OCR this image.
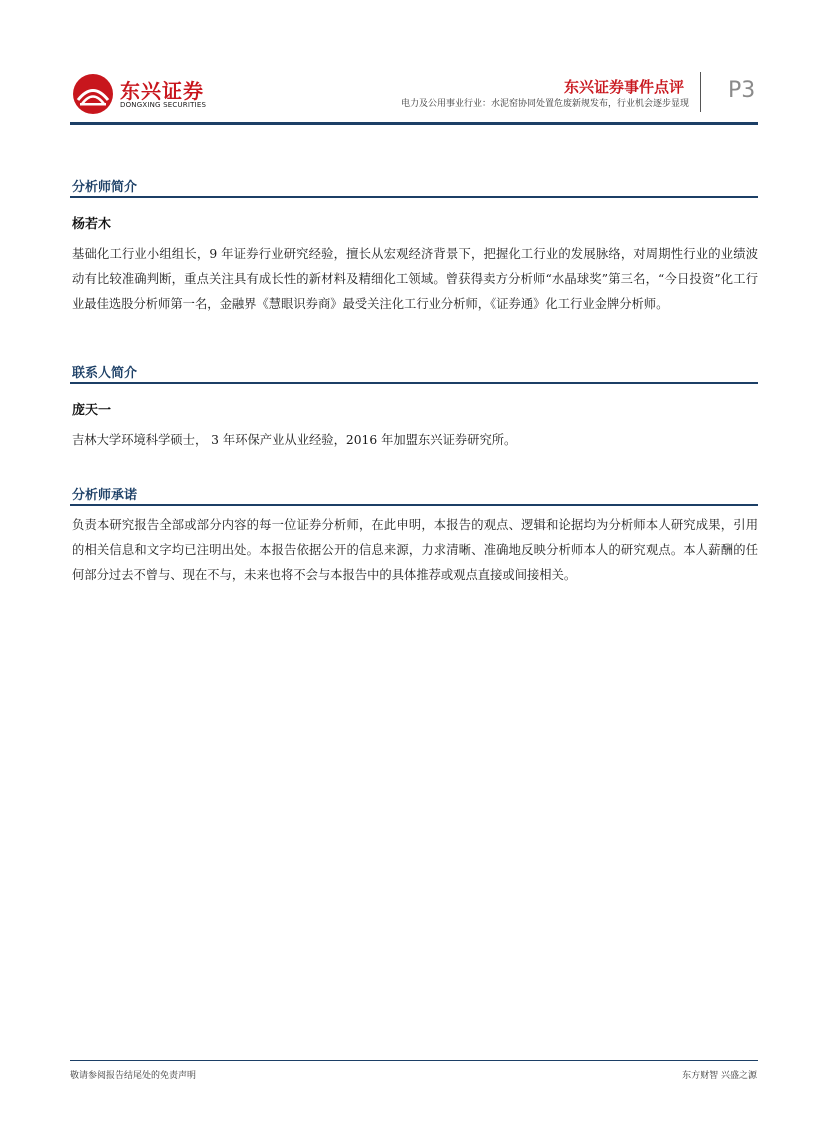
东兴证券
DONGXING SECURITIES
东兴证券事件点评
电力及公用事业行业：水泥窑协同处置危废新规发布，行业机会逐步显现
P3
分析师简介
杨若木
基础化工行业小组组长，9 年证券行业研究经验，擅长从宏观经济背景下，把握化工行业的发展脉络，对周期性行业的业绩波动有比较准确判断，重点关注具有成长性的新材料及精细化工领域。曾获得卖方分析师“水晶球奖”第三名，“今日投资”化工行业最佳选股分析师第一名，金融界《慧眼识券商》最受关注化工行业分析师，《证券通》化工行业金牌分析师。
联系人简介
庞天一
吉林大学环境科学硕士， 3 年环保产业从业经验，2016 年加盟东兴证券研究所。
分析师承诺
负责本研究报告全部或部分内容的每一位证券分析师，在此申明，本报告的观点、逻辑和论据均为分析师本人研究成果，引用的相关信息和文字均已注明出处。本报告依据公开的信息来源，力求清晰、准确地反映分析师本人的研究观点。本人薪酬的任何部分过去不曾与、现在不与，未来也将不会与本报告中的具体推荐或观点直接或间接相关。
敬请参阅报告结尾处的免责声明	东方财智 兴盛之源
